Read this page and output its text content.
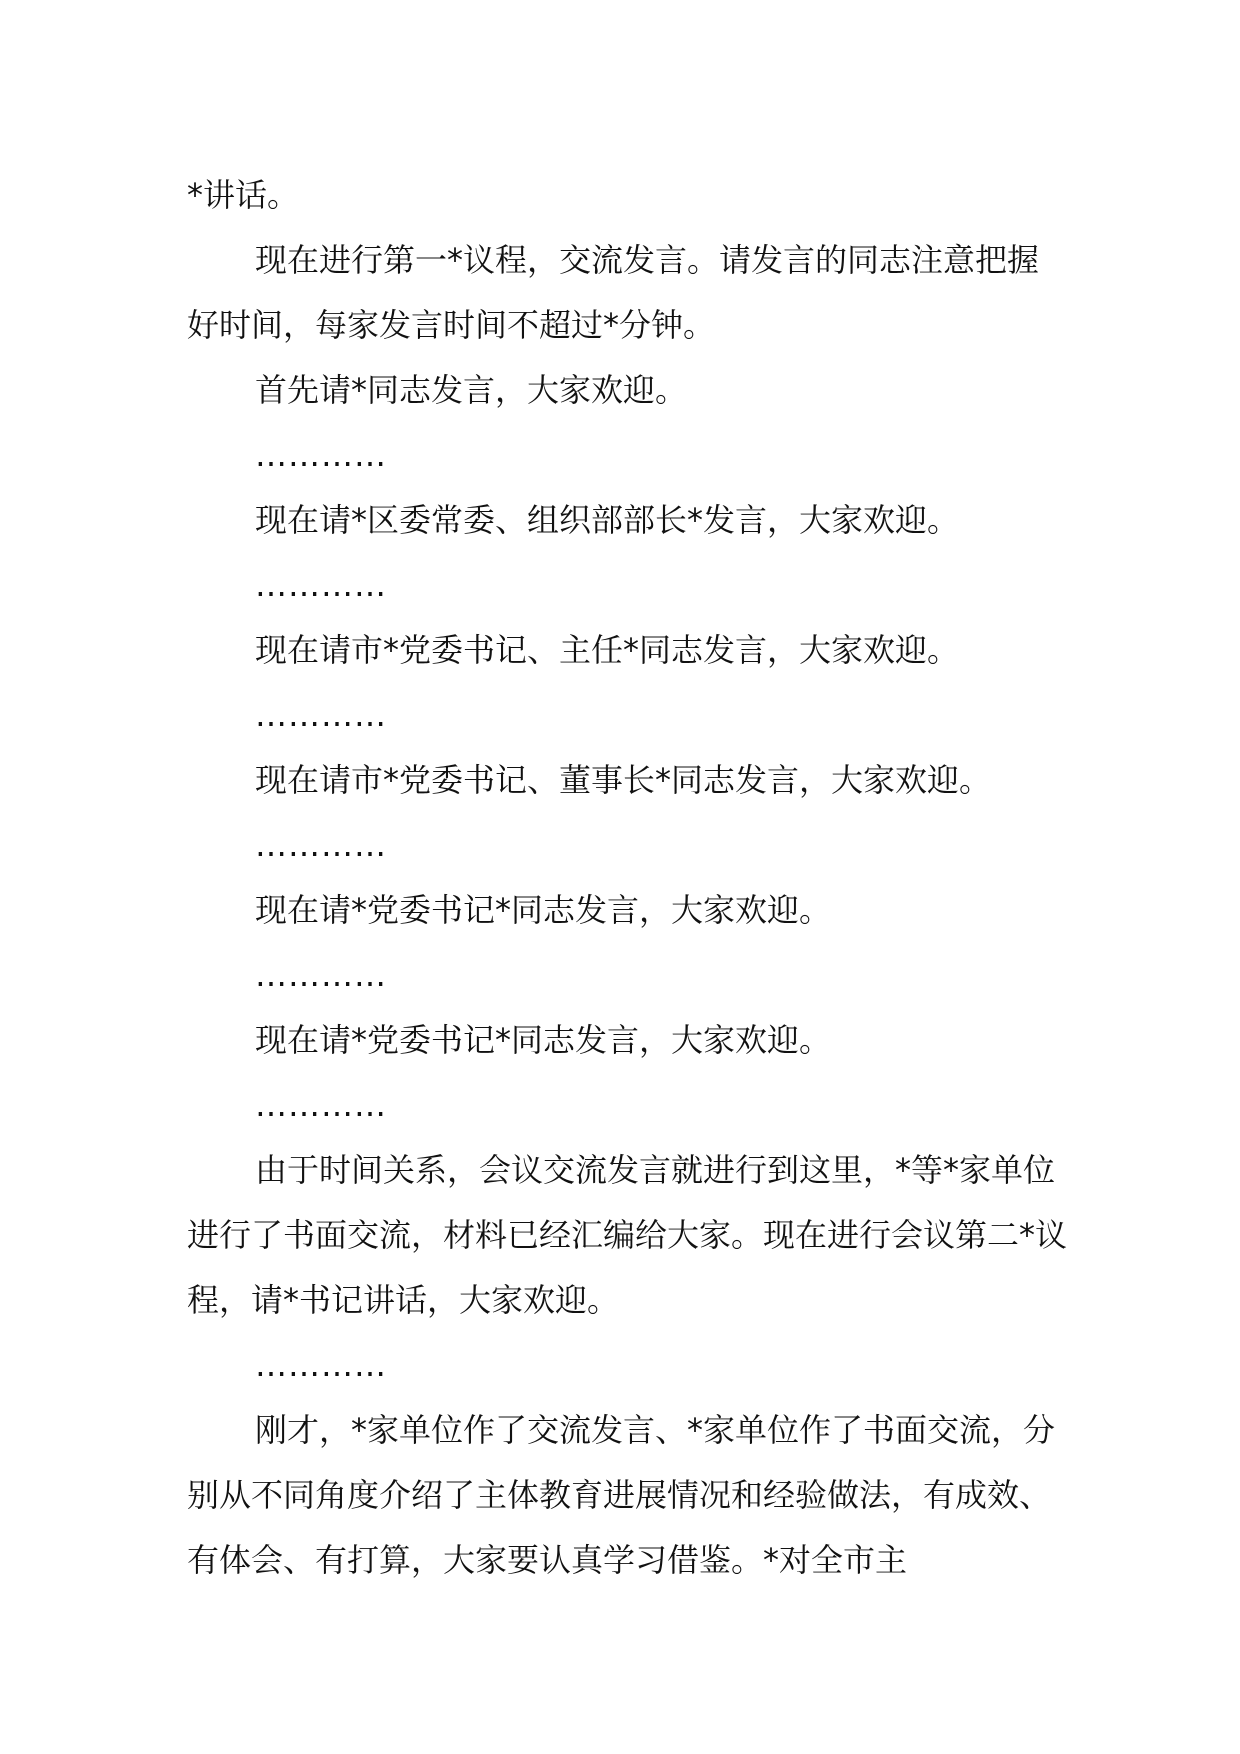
*讲话。

现在进行第一*议程，交流发言。请发言的同志注意把握好时间，每家发言时间不超过*分钟。

首先请*同志发言，大家欢迎。

…………

现在请*区委常委、组织部部长*发言，大家欢迎。

…………

现在请市*党委书记、主任*同志发言，大家欢迎。

…………

现在请市*党委书记、董事长*同志发言，大家欢迎。

…………

现在请*党委书记*同志发言，大家欢迎。

…………

现在请*党委书记*同志发言，大家欢迎。

…………

由于时间关系，会议交流发言就进行到这里，*等*家单位进行了书面交流，材料已经汇编给大家。现在进行会议第二*议程，请*书记讲话，大家欢迎。

…………

刚才，*家单位作了交流发言、*家单位作了书面交流，分别从不同角度介绍了主体教育进展情况和经验做法，有成效、有体会、有打算，大家要认真学习借鉴。*对全市主
